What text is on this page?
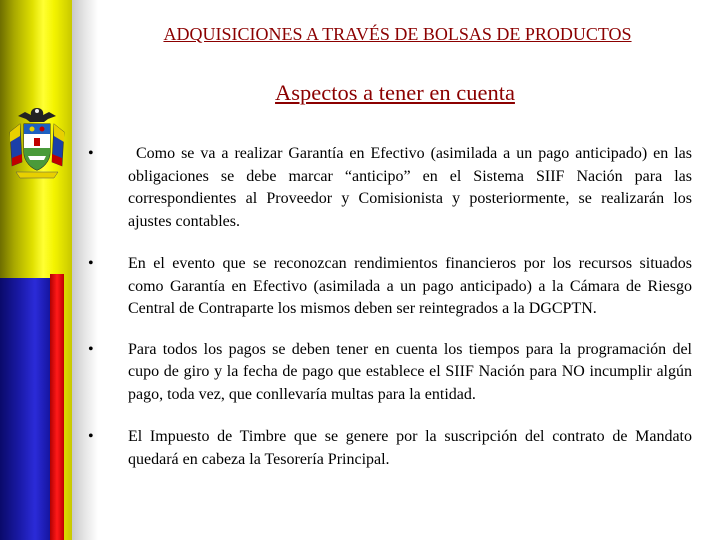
ADQUISICIONES A TRAVÉS DE BOLSAS DE PRODUCTOS
Aspectos a tener en cuenta
•	Como se va a realizar Garantía en Efectivo (asimilada a un pago anticipado) en las obligaciones se debe marcar “anticipo” en el Sistema SIIF Nación para las correspondientes al Proveedor y Comisionista y posteriormente, se realizarán los ajustes contables.
• En el evento que se reconozcan rendimientos financieros por los recursos situados como Garantía en Efectivo (asimilada a un pago anticipado) a la Cámara de Riesgo Central de Contraparte los mismos deben ser reintegrados a la DGCPTN.
• Para todos los pagos se deben tener en cuenta los tiempos para la programación del cupo de giro y la fecha de pago que establece el SIIF Nación para NO incumplir algún pago, toda vez, que conllevaría multas para la entidad.
• El Impuesto de Timbre que se genere por la suscripción del contrato de Mandato quedará en cabeza la Tesorería Principal.
